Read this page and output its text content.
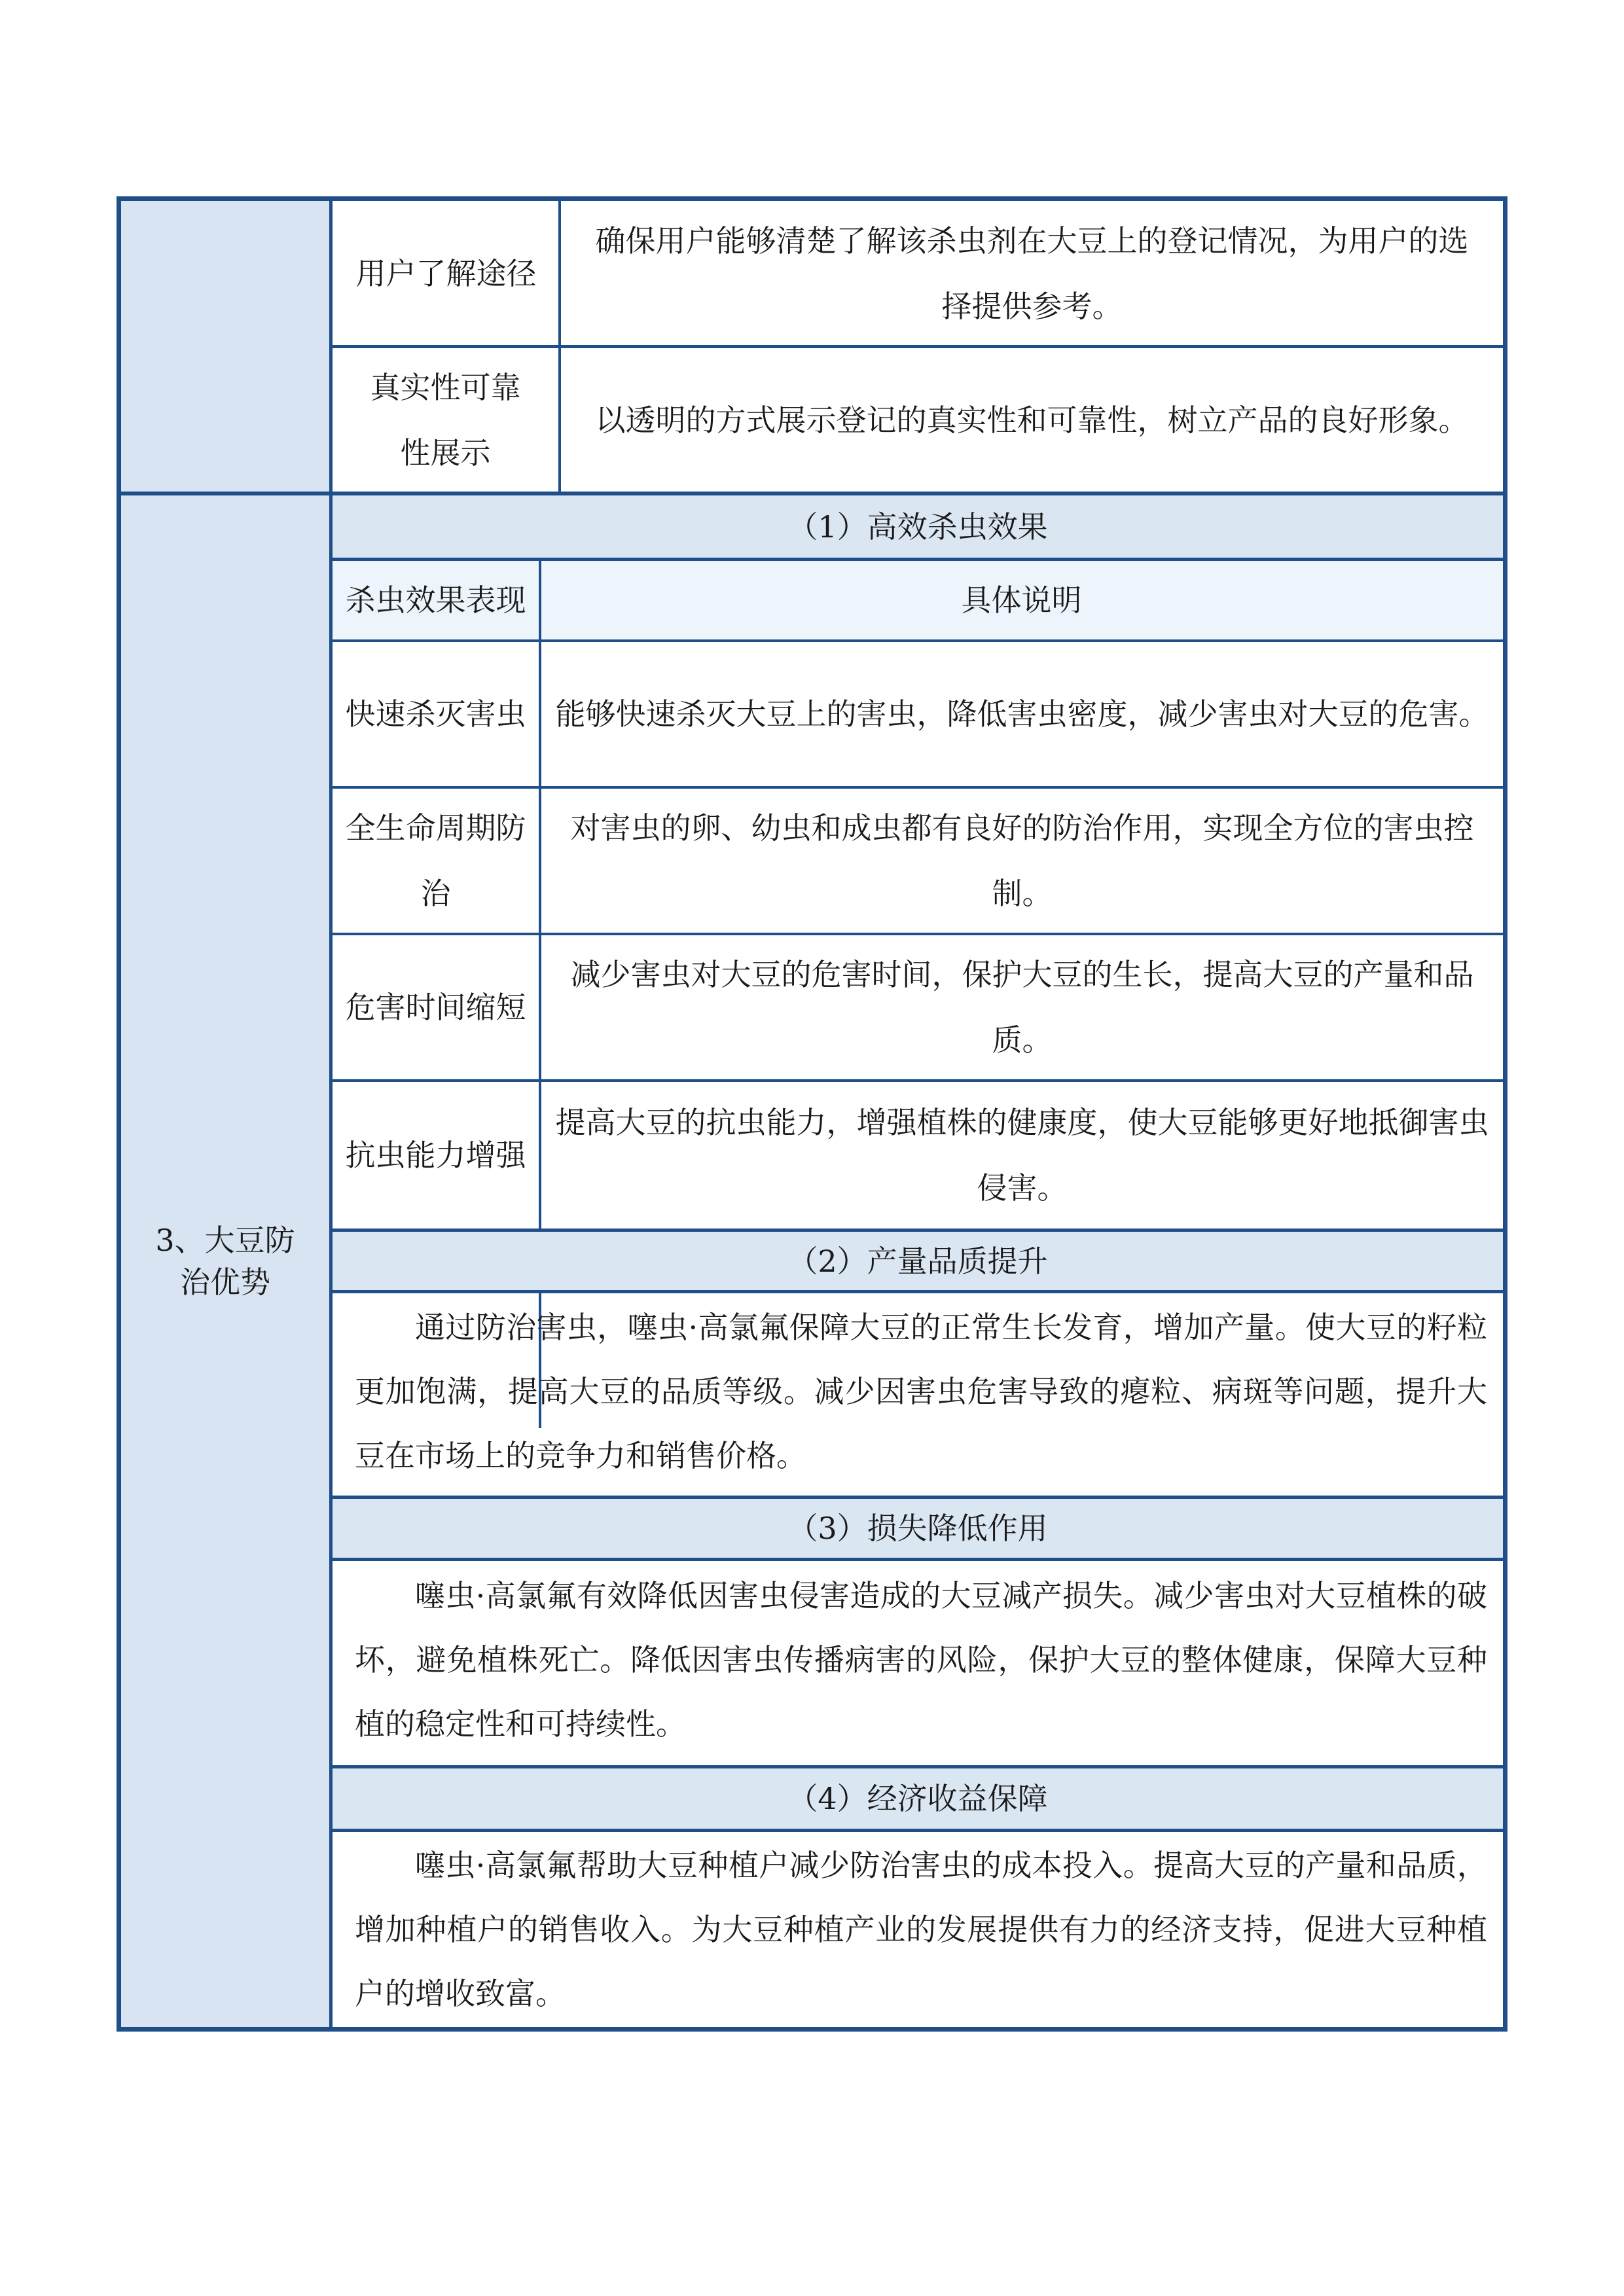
用户了解途径
确保用户能够清楚了解该杀虫剂在大豆上的登记情况，为用户的选择提供参考。
真实性可靠性展示
以透明的方式展示登记的真实性和可靠性，树立产品的良好形象。
3、大豆防治优势
（1）高效杀虫效果
杀虫效果表现	具体说明
快速杀灭害虫 能够快速杀灭大豆上的害虫，降低害虫密度，减少害虫对大豆的危害。
全生命周期防治
对害虫的卵、幼虫和成虫都有良好的防治作用，实现全方位的害虫控制。
危害时间缩短
减少害虫对大豆的危害时间，保护大豆的生长，提高大豆的产量和品质。
抗虫能力增强
提高大豆的抗虫能力，增强植株的健康度，使大豆能够更好地抵御害虫侵害。
（2）产量品质提升
通过防治害虫，噻虫·高氯氟保障大豆的正常生长发育，增加产量。使大豆的籽粒更加饱满，提高大豆的品质等级。减少因害虫危害导致的瘪粒、病斑等问题，提升大豆在市场上的竞争力和销售价格。
（3）损失降低作用
噻虫·高氯氟有效降低因害虫侵害造成的大豆减产损失。减少害虫对大豆植株的破坏，避免植株死亡。降低因害虫传播病害的风险，保护大豆的整体健康，保障大豆种植的稳定性和可持续性。
（4）经济收益保障
噻虫·高氯氟帮助大豆种植户减少防治害虫的成本投入。提高大豆的产量和品质，增加种植户的销售收入。为大豆种植产业的发展提供有力的经济支持，促进大豆种植户的增收致富。
